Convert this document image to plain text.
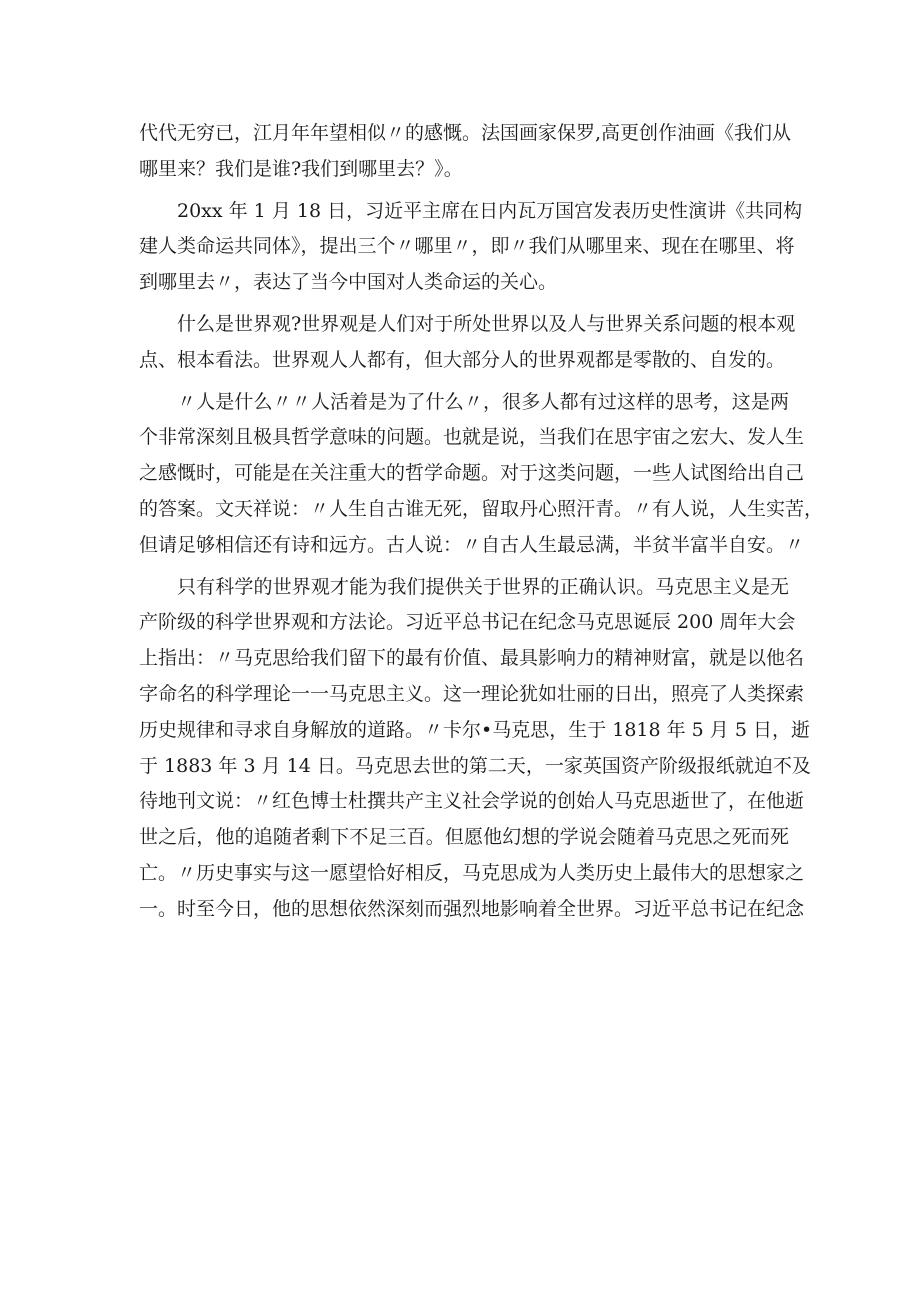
代代无穷已，江月年年望相似〃的感慨。法国画家保罗,高更创作油画《我们从
哪里来？我们是谁?我们到哪里去？》。
20xx 年 1 月 18 日，习近平主席在日内瓦万国宫发表历史性演讲《共同构
建人类命运共同体》，提出三个〃哪里〃，即〃我们从哪里来、现在在哪里、将
到哪里去〃，表达了当今中国对人类命运的关心。
什么是世界观?世界观是人们对于所处世界以及人与世界关系问题的根本观
点、根本看法。世界观人人都有，但大部分人的世界观都是零散的、自发的。
〃人是什么〃〃人活着是为了什么〃，很多人都有过这样的思考，这是两
个非常深刻且极具哲学意味的问题。也就是说，当我们在思宇宙之宏大、发人生
之感慨时，可能是在关注重大的哲学命题。对于这类问题，一些人试图给出自己
的答案。文天祥说：〃人生自古谁无死，留取丹心照汗青。〃有人说，人生实苦，
但请足够相信还有诗和远方。古人说：〃自古人生最忌满，半贫半富半自安。〃
只有科学的世界观才能为我们提供关于世界的正确认识。马克思主义是无
产阶级的科学世界观和方法论。习近平总书记在纪念马克思诞辰 200 周年大会
上指出：〃马克思给我们留下的最有价值、最具影响力的精神财富，就是以他名
字命名的科学理论一一马克思主义。这一理论犹如壮丽的日出，照亮了人类探索
历史规律和寻求自身解放的道路。〃卡尔•马克思，生于 1818 年 5 月 5 日，逝
于 1883 年 3 月 14 日。马克思去世的第二天，一家英国资产阶级报纸就迫不及
待地刊文说：〃红色博士杜撰共产主义社会学说的创始人马克思逝世了，在他逝
世之后，他的追随者剩下不足三百。但愿他幻想的学说会随着马克思之死而死
亡。〃历史事实与这一愿望恰好相反，马克思成为人类历史上最伟大的思想家之
一。时至今日，他的思想依然深刻而强烈地影响着全世界。习近平总书记在纪念
